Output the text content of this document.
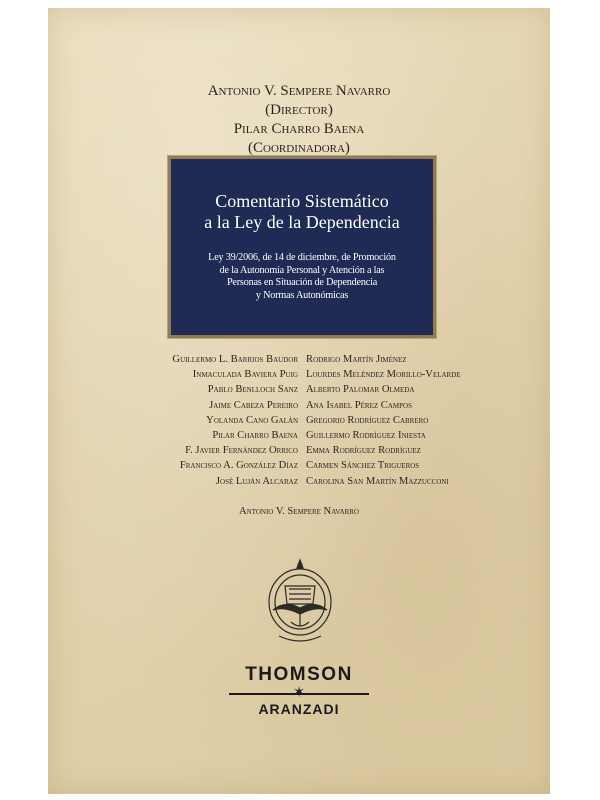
Antonio V. Sempere Navarro
(Director)
Pilar Charro Baena
(Coordinadora)
Comentario Sistemático
a la Ley de la Dependencia
Ley 39/2006, de 14 de diciembre, de Promoción
de la Autonomía Personal y Atención a las
Personas en Situación de Dependencia
y Normas Autonómicas
Guillermo L. Barrios Baudor
Inmaculada Baviera Puig
Pablo Benlloch Sanz
Jaime Cabeza Pereiro
Yolanda Cano Galán
Pilar Charro Baena
F. Javier Fernández Orrico
Francisco A. González Díaz
José Luján Alcaraz
Rodrigo Martín Jiménez
Lourdes Meléndez Morillo-Velarde
Alberto Palomar Olmeda
Ana Isabel Pérez Campos
Gregorio Rodríguez Cabrero
Guillermo Rodríguez Iniesta
Emma Rodríguez Rodríguez
Carmen Sánchez Trigueros
Carolina San Martín Mazzucconi
Antonio V. Sempere Navarro
THOMSON
✶
ARANZADI
